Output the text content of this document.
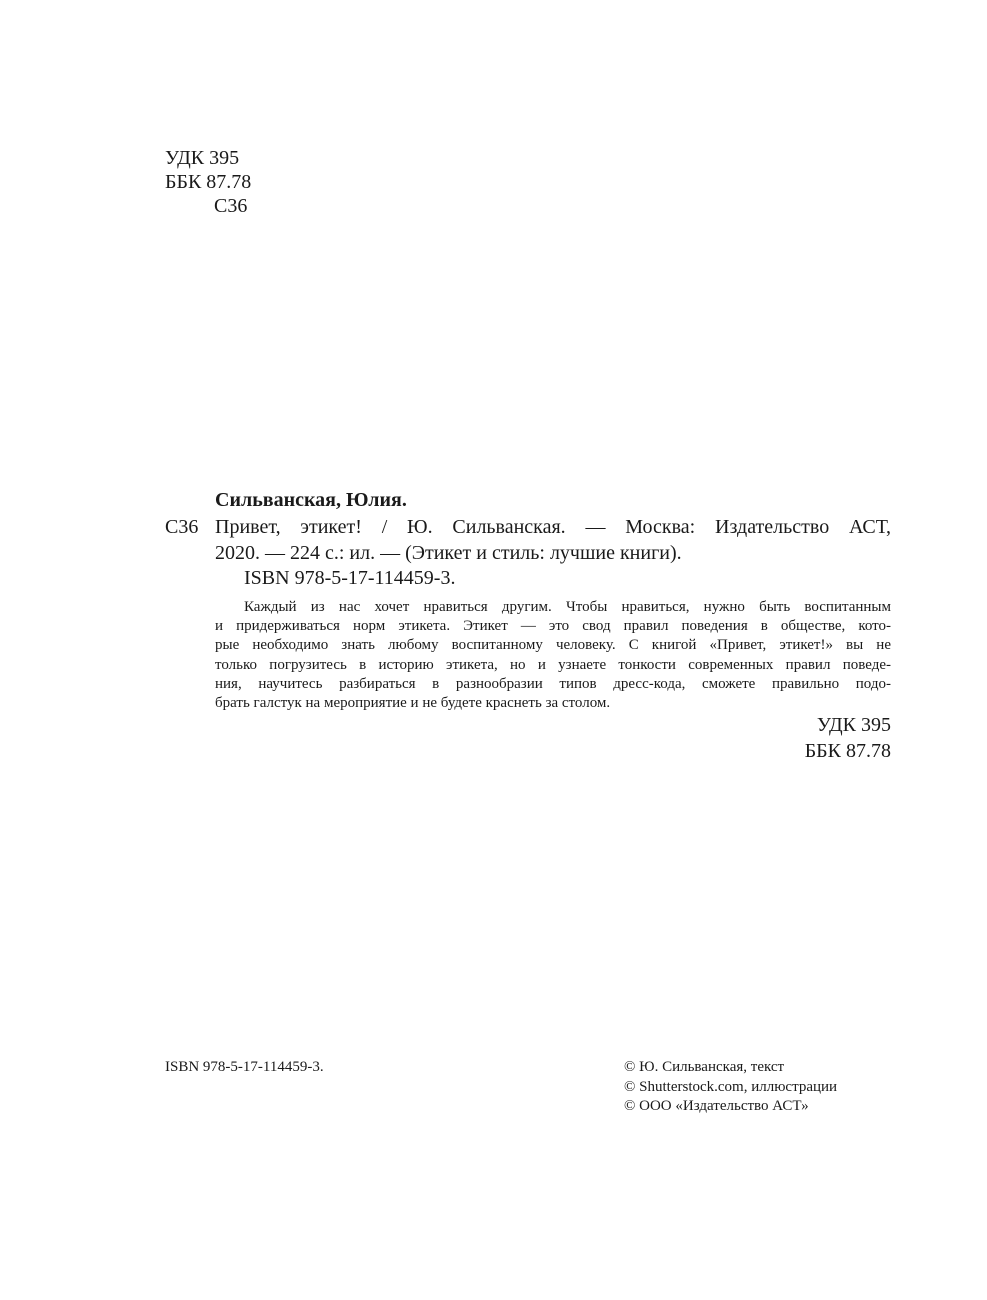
УДК 395
ББК 87.78
С36
Сильванская, Юлия.
С36 Привет, этикет! / Ю. Сильванская. — Москва: Издательство АСТ,
2020. — 224 с.: ил. — (Этикет и стиль: лучшие книги).
ISBN 978-5-17-114459-3.
Каждый из нас хочет нравиться другим. Чтобы нравиться, нужно быть воспитанным
и придерживаться норм этикета. Этикет — это свод правил поведения в обществе, кото-
рые необходимо знать любому воспитанному человеку. С книгой «Привет, этикет!» вы не
только погрузитесь в историю этикета, но и узнаете тонкости современных правил поведе-
ния, научитесь разбираться в разнообразии типов дресс-кода, сможете правильно подо-
брать галстук на мероприятие и не будете краснеть за столом.
УДК 395
ББК 87.78
ISBN 978-5-17-114459-3.	© Ю. Сильванская, текст
© Shutterstock.com, иллюстрации
© ООО «Издательство АСТ»
